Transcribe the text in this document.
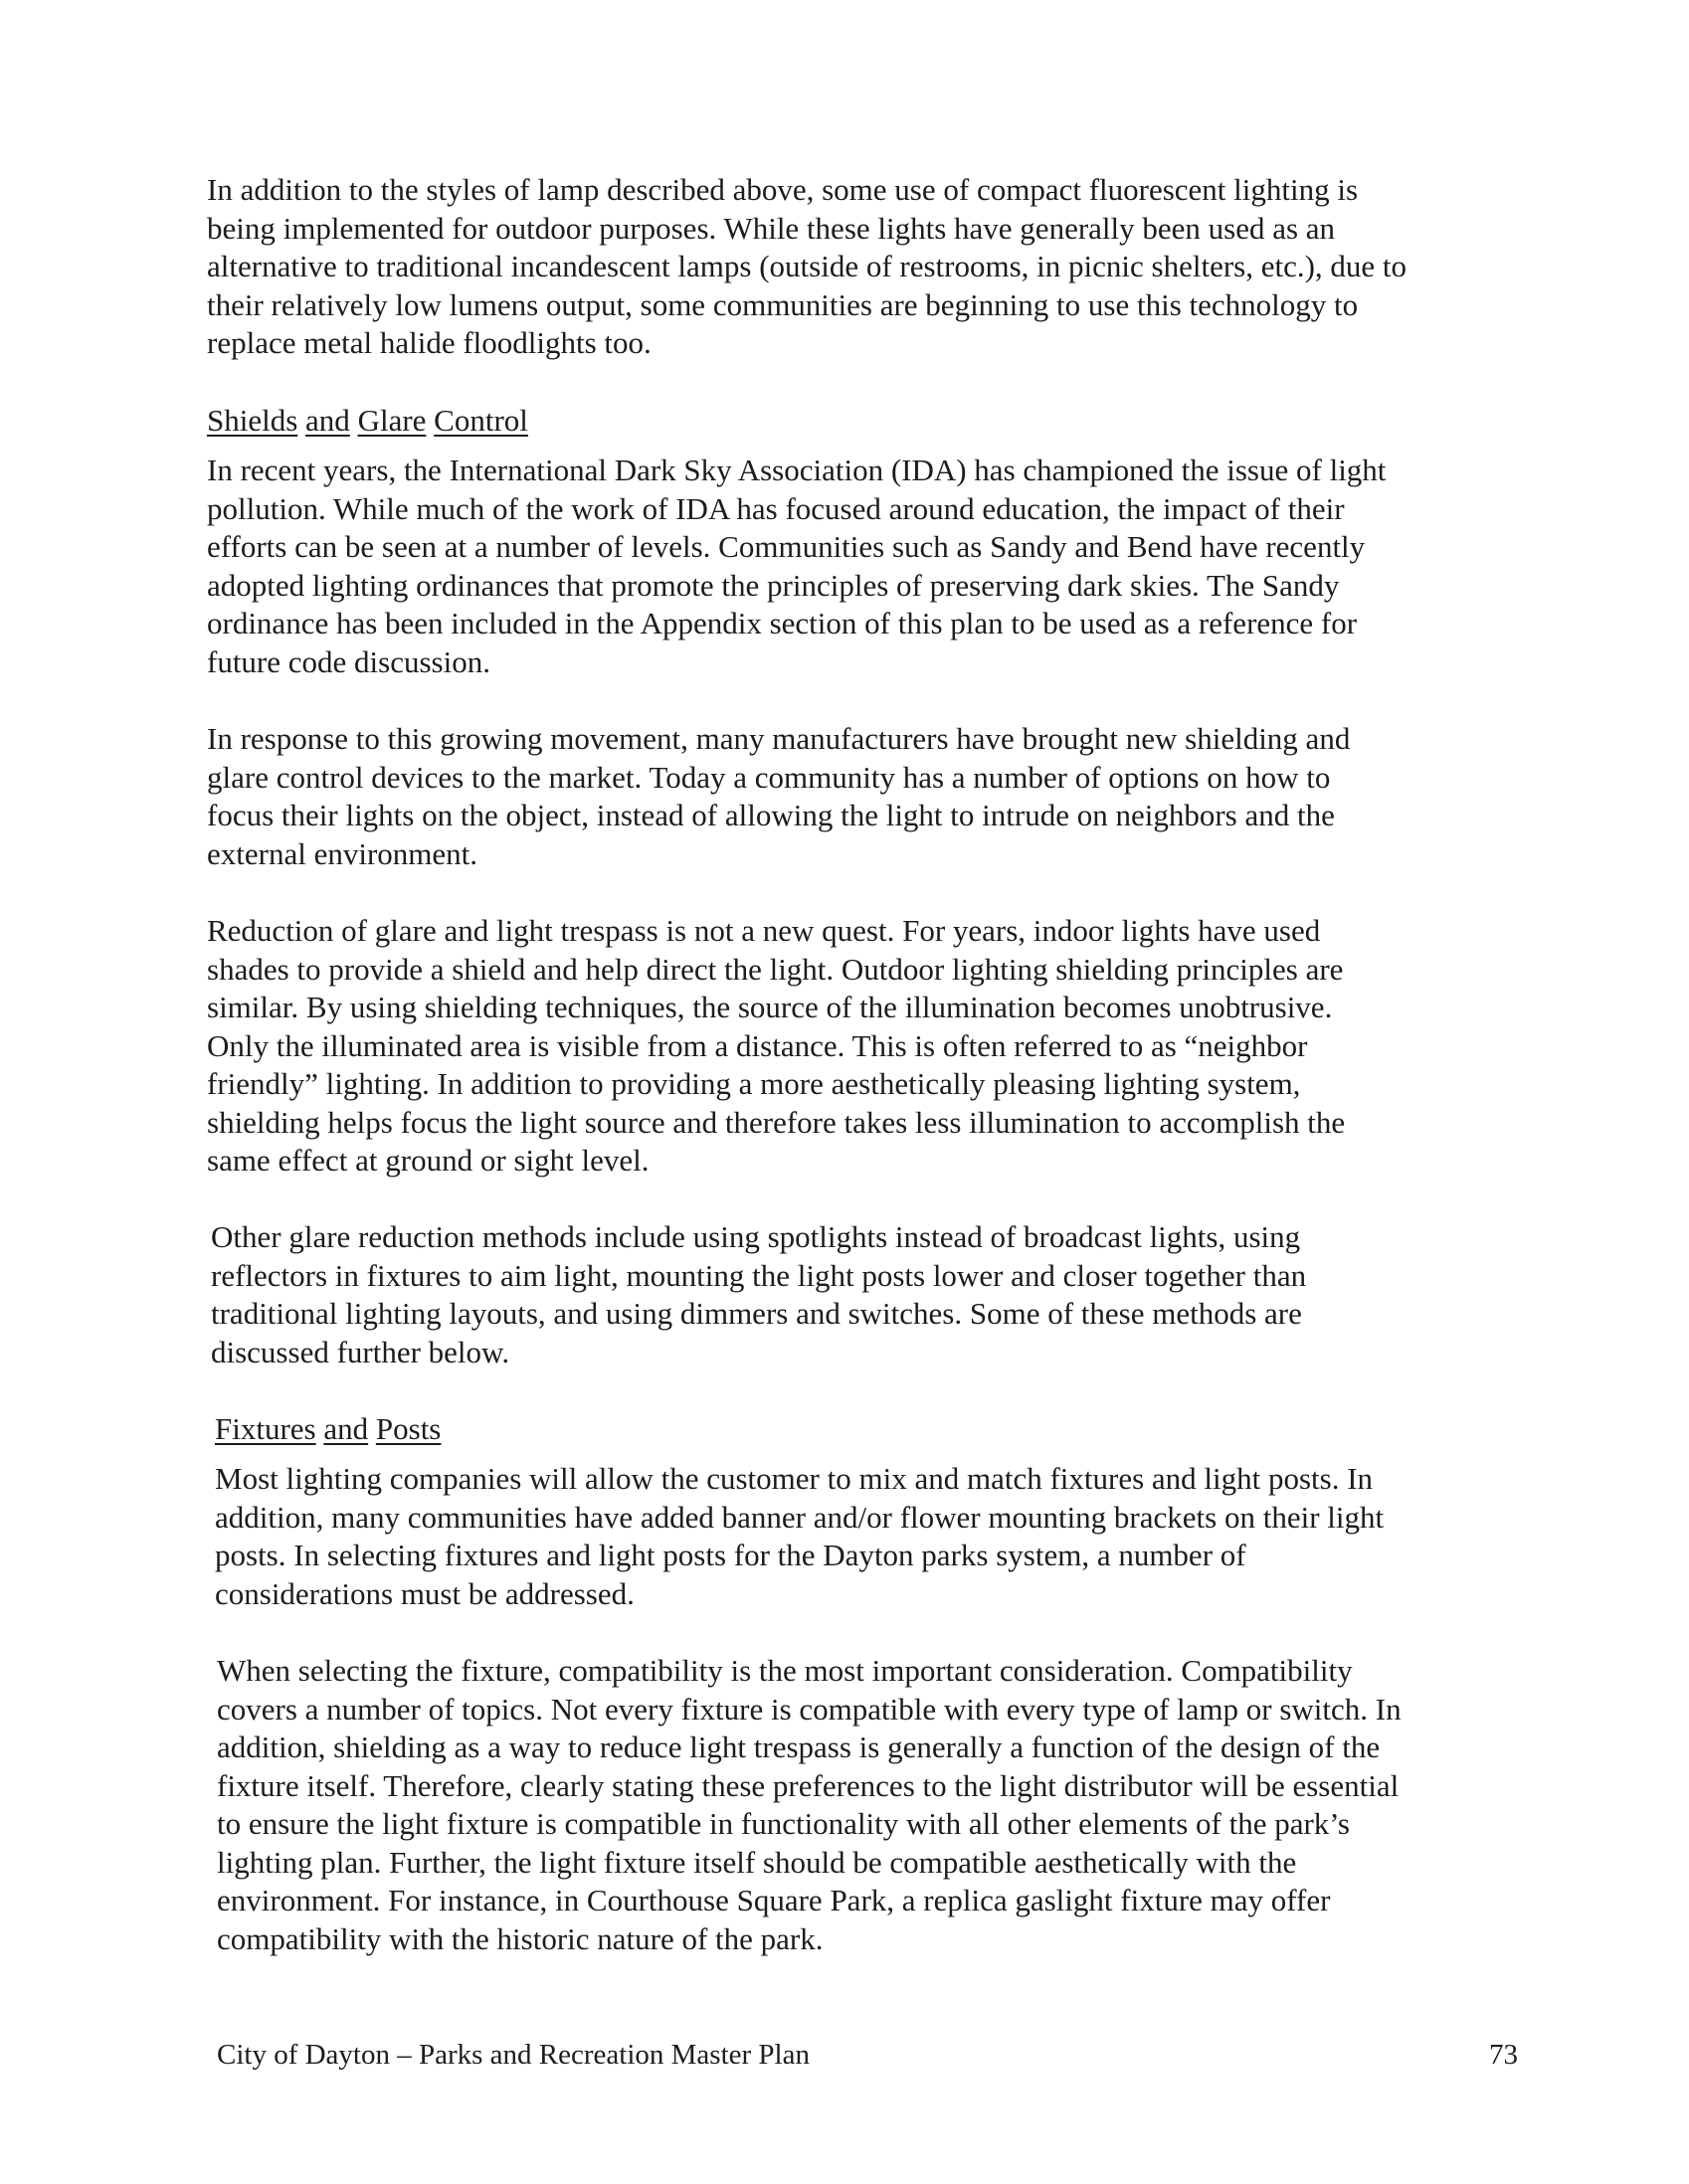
In addition to the styles of lamp described above, some use of compact fluorescent lighting is
being implemented for outdoor purposes. While these lights have generally been used as an
alternative to traditional incandescent lamps (outside of restrooms, in picnic shelters, etc.), due to
their relatively low lumens output, some communities are beginning to use this technology to
replace metal halide floodlights too.
Shields and Glare Control
In recent years, the International Dark Sky Association (IDA) has championed the issue of light
pollution. While much of the work of IDA has focused around education, the impact of their
efforts can be seen at a number of levels. Communities such as Sandy and Bend have recently
adopted lighting ordinances that promote the principles of preserving dark skies. The Sandy
ordinance has been included in the Appendix section of this plan to be used as a reference for
future code discussion.
In response to this growing movement, many manufacturers have brought new shielding and
glare control devices to the market. Today a community has a number of options on how to
focus their lights on the object, instead of allowing the light to intrude on neighbors and the
external environment.
Reduction of glare and light trespass is not a new quest. For years, indoor lights have used
shades to provide a shield and help direct the light. Outdoor lighting shielding principles are
similar. By using shielding techniques, the source of the illumination becomes unobtrusive.
Only the illuminated area is visible from a distance. This is often referred to as “neighbor
friendly” lighting. In addition to providing a more aesthetically pleasing lighting system,
shielding helps focus the light source and therefore takes less illumination to accomplish the
same effect at ground or sight level.
Other glare reduction methods include using spotlights instead of broadcast lights, using
reflectors in fixtures to aim light, mounting the light posts lower and closer together than
traditional lighting layouts, and using dimmers and switches. Some of these methods are
discussed further below.
Fixtures and Posts
Most lighting companies will allow the customer to mix and match fixtures and light posts. In
addition, many communities have added banner and/or flower mounting brackets on their light
posts. In selecting fixtures and light posts for the Dayton parks system, a number of
considerations must be addressed.
When selecting the fixture, compatibility is the most important consideration. Compatibility
covers a number of topics. Not every fixture is compatible with every type of lamp or switch. In
addition, shielding as a way to reduce light trespass is generally a function of the design of the
fixture itself. Therefore, clearly stating these preferences to the light distributor will be essential
to ensure the light fixture is compatible in functionality with all other elements of the park’s
lighting plan. Further, the light fixture itself should be compatible aesthetically with the
environment. For instance, in Courthouse Square Park, a replica gaslight fixture may offer
compatibility with the historic nature of the park.
City of Dayton – Parks and Recreation Master Plan	73
